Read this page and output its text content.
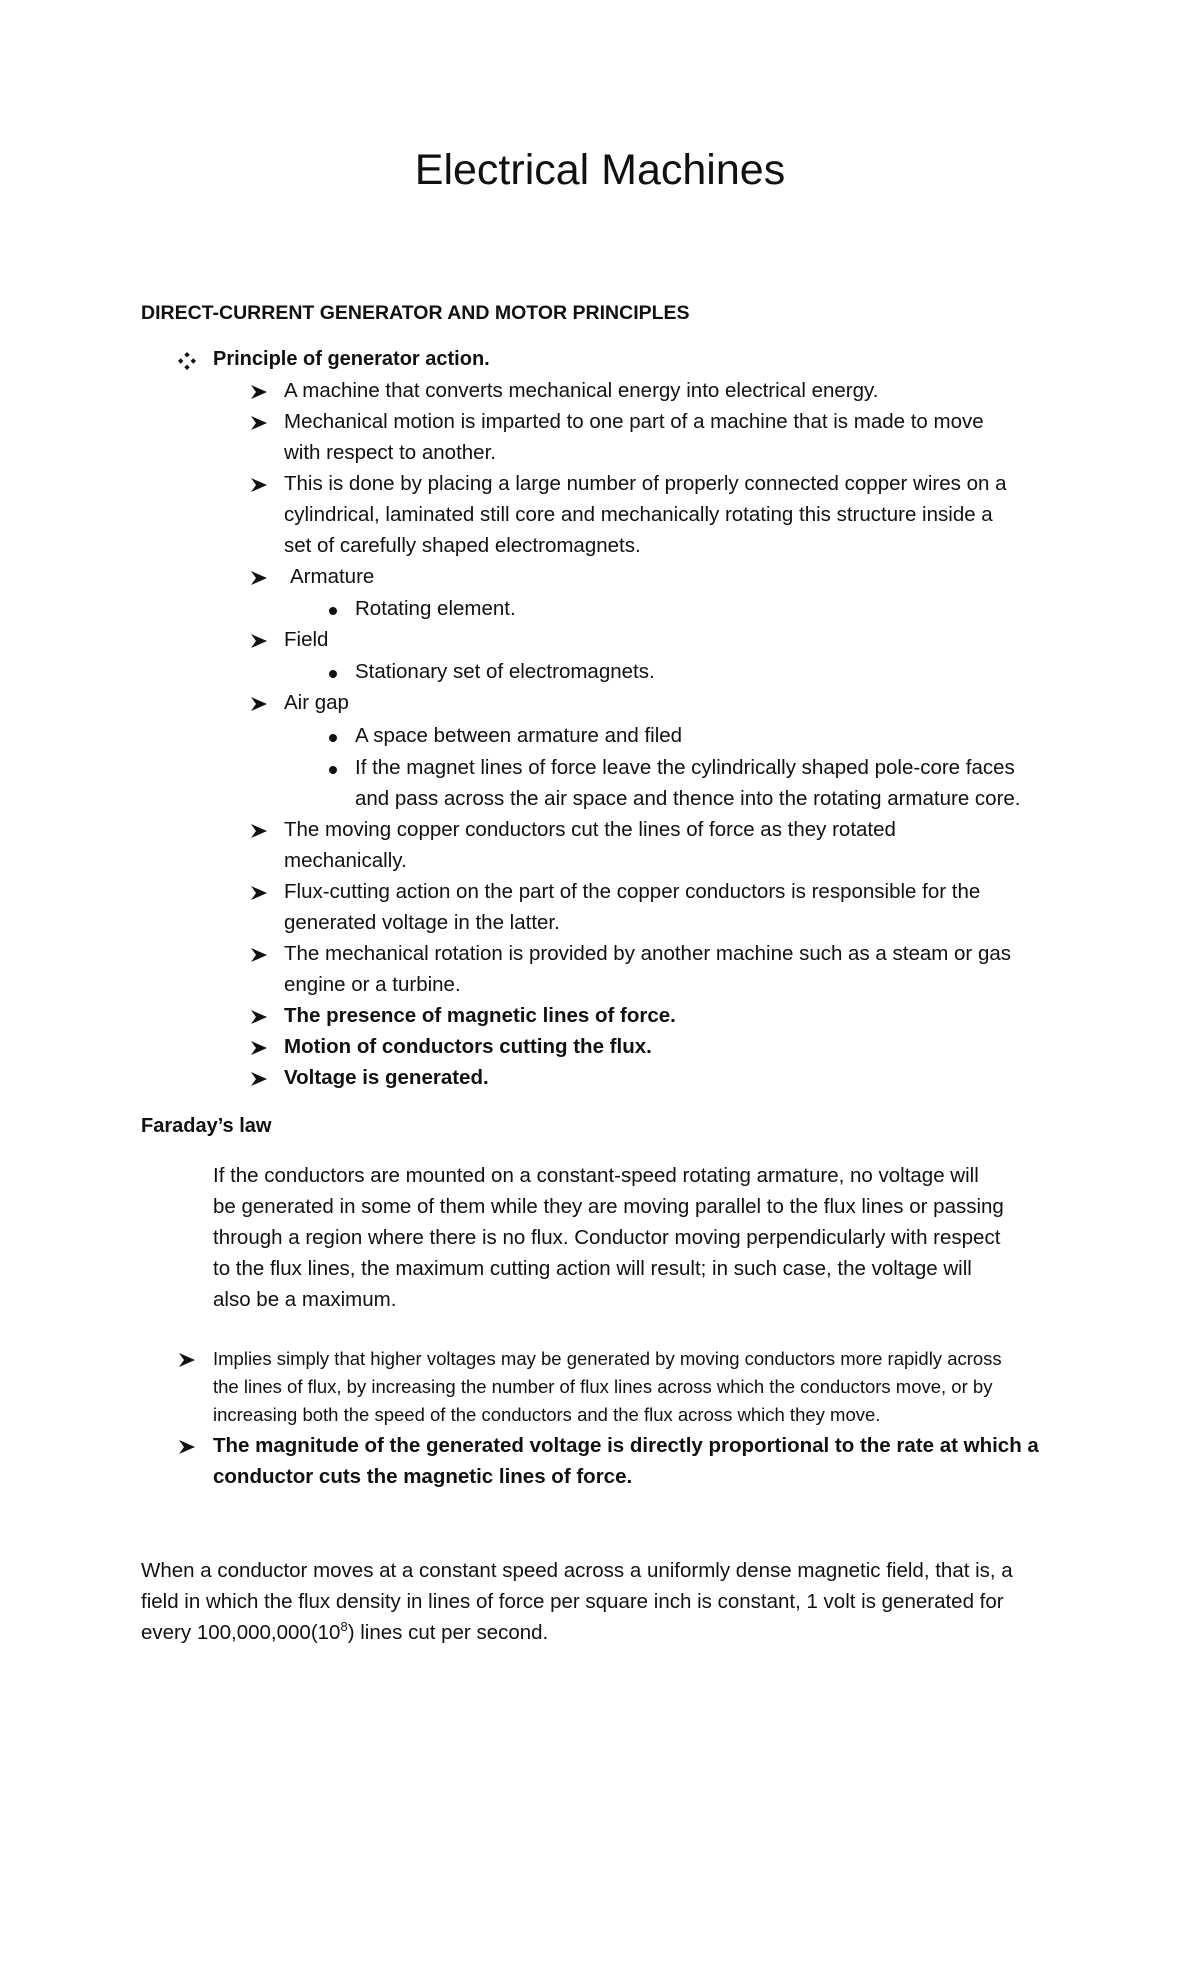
Electrical Machines

DIRECT-CURRENT GENERATOR AND MOTOR PRINCIPLES

Principle of generator action.

A machine that converts mechanical energy into electrical energy.

Mechanical motion is imparted to one part of a machine that is made to move

with respect to another.

This is done by placing a large number of properly connected copper wires on a

cylindrical, laminated still core and mechanically rotating this structure inside a

set of carefully shaped electromagnets.

Armature

Rotating element.

Field

Stationary set of electromagnets.

Air gap

A space between armature and filed

If the magnet lines of force leave the cylindrically shaped pole-core faces

and pass across the air space and thence into the rotating armature core.

The moving copper conductors cut the lines of force as they rotated

mechanically.

Flux-cutting action on the part of the copper conductors is responsible for the

generated voltage in the latter.

The mechanical rotation is provided by another machine such as a steam or gas

engine or a turbine.

The presence of magnetic lines of force.

Motion of conductors cutting the flux.

Voltage is generated.

Faraday’s law

If the conductors are mounted on a constant-speed rotating armature, no voltage will

be generated in some of them while they are moving parallel to the flux lines or passing

through a region where there is no flux. Conductor moving perpendicularly with respect

to the flux lines, the maximum cutting action will result; in such case, the voltage will

also be a maximum.

Implies simply that higher voltages may be generated by moving conductors more rapidly across

the lines of flux, by increasing the number of flux lines across which the conductors move, or by

increasing both the speed of the conductors and the flux across which they move.

The magnitude of the generated voltage is directly proportional to the rate at which a

conductor cuts the magnetic lines of force.

When a conductor moves at a constant speed across a uniformly dense magnetic field, that is, a

field in which the flux density in lines of force per square inch is constant, 1 volt is generated for

every $100,000,000(10^8)$ lines cut per second.
